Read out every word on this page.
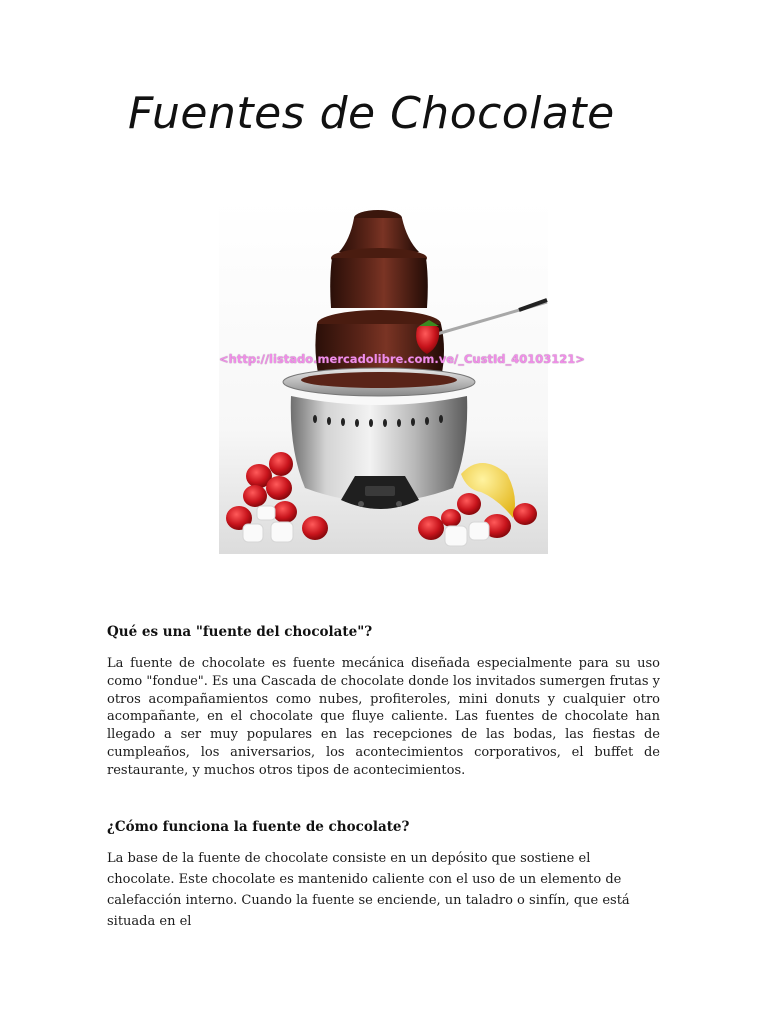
Fuentes de Chocolate
<http://listado.mercadolibre.com.ve/_CustId_40103121>

Qué es una "fuente del chocolate"?

La fuente de chocolate es fuente mecánica diseñada especialmente para su uso como "fondue". Es una Cascada de chocolate donde los invitados sumergen frutas y otros acompañamientos como nubes, profiteroles, mini donuts y cualquier otro acompañante, en el chocolate que fluye caliente. Las fuentes de chocolate han llegado a ser muy populares en las recepciones de las bodas, las fiestas de cumpleaños, los aniversarios, los acontecimientos corporativos, el buffet de restaurante, y muchos otros tipos de acontecimientos.

¿Cómo funciona la fuente de chocolate?

La base de la fuente de chocolate consiste en un depósito que sostiene el chocolate. Este chocolate es mantenido caliente con el uso de un elemento de calefacción interno. Cuando la fuente se enciende, un taladro o sinfín, que está situada en el
